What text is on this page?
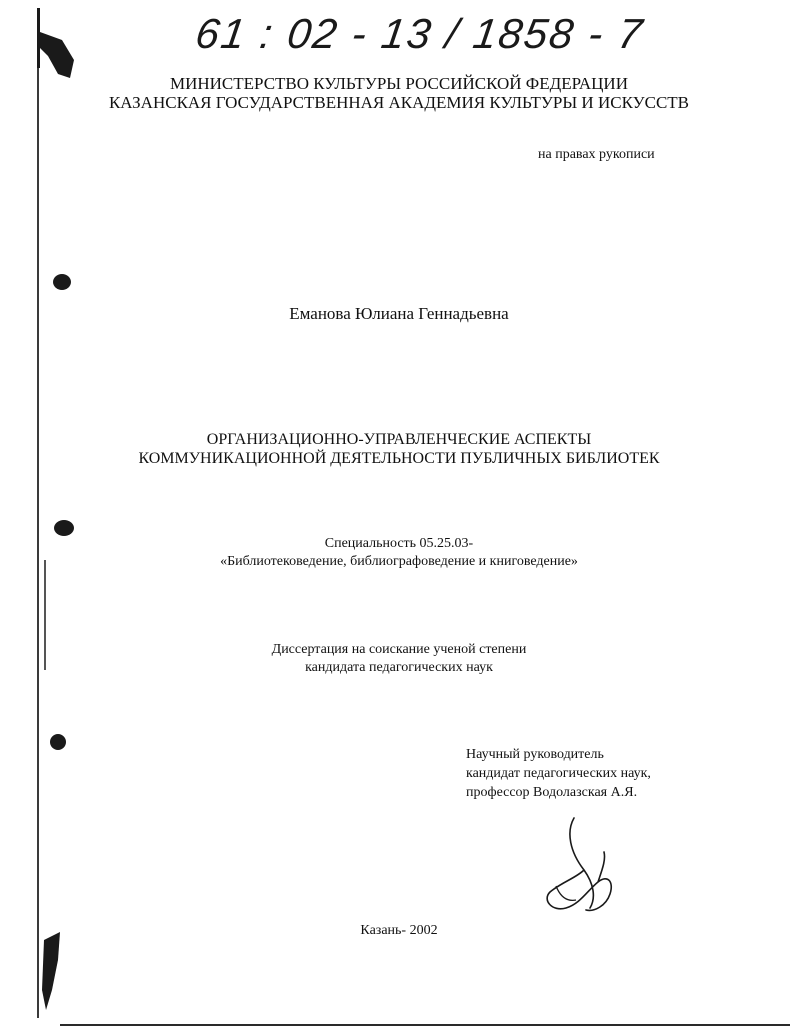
61 : 02 - 13 / 1858 - 7
МИНИСТЕРСТВО КУЛЬТУРЫ РОССИЙСКОЙ ФЕДЕРАЦИИ
КАЗАНСКАЯ ГОСУДАРСТВЕННАЯ АКАДЕМИЯ КУЛЬТУРЫ И ИСКУССТВ
на правах рукописи
Еманова Юлиана Геннадьевна
ОРГАНИЗАЦИОННО-УПРАВЛЕНЧЕСКИЕ АСПЕКТЫ
КОММУНИКАЦИОННОЙ ДЕЯТЕЛЬНОСТИ ПУБЛИЧНЫХ БИБЛИОТЕК
Специальность 05.25.03-
«Библиотековедение, библиографоведение и книговедение»
Диссертация на соискание ученой степени
кандидата педагогических наук
Научный руководитель
кандидат педагогических наук,
профессор Водолазская А.Я.
Казань- 2002
